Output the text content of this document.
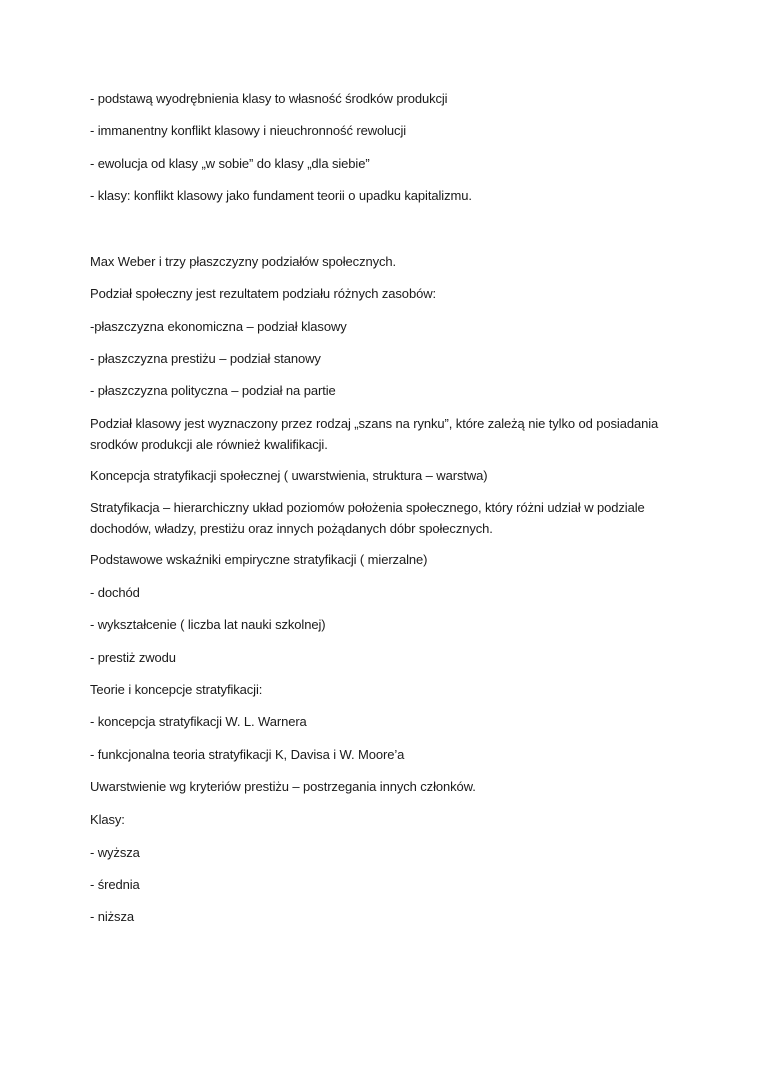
- podstawą wyodrębnienia klasy to własność środków produkcji
- immanentny konflikt klasowy i nieuchronność rewolucji
- ewolucja od klasy „w sobie” do klasy „dla siebie”
- klasy: konflikt klasowy jako fundament teorii o upadku kapitalizmu.
Max Weber i trzy płaszczyzny podziałów społecznych.
Podział społeczny jest rezultatem podziału różnych zasobów:
-płaszczyzna ekonomiczna – podział klasowy
- płaszczyzna prestiżu – podział stanowy
- płaszczyzna polityczna – podział na partie
Podział klasowy jest wyznaczony przez rodzaj „szans na rynku”, które zależą nie tylko od posiadania srodków produkcji ale również kwalifikacji.
Koncepcja stratyfikacji społecznej ( uwarstwienia, struktura – warstwa)
Stratyfikacja – hierarchiczny układ poziomów położenia społecznego, który różni udział w podziale dochodów, władzy, prestiżu oraz innych pożądanych dóbr społecznych.
Podstawowe wskaźniki empiryczne stratyfikacji ( mierzalne)
- dochód
- wykształcenie ( liczba lat nauki szkolnej)
- prestiż zwodu
Teorie i koncepcje stratyfikacji:
- koncepcja stratyfikacji W. L. Warnera
- funkcjonalna teoria stratyfikacji K, Davisa i W. Moore’a
Uwarstwienie wg kryteriów prestiżu – postrzegania innych członków.
Klasy:
- wyższa
- średnia
- niższa
